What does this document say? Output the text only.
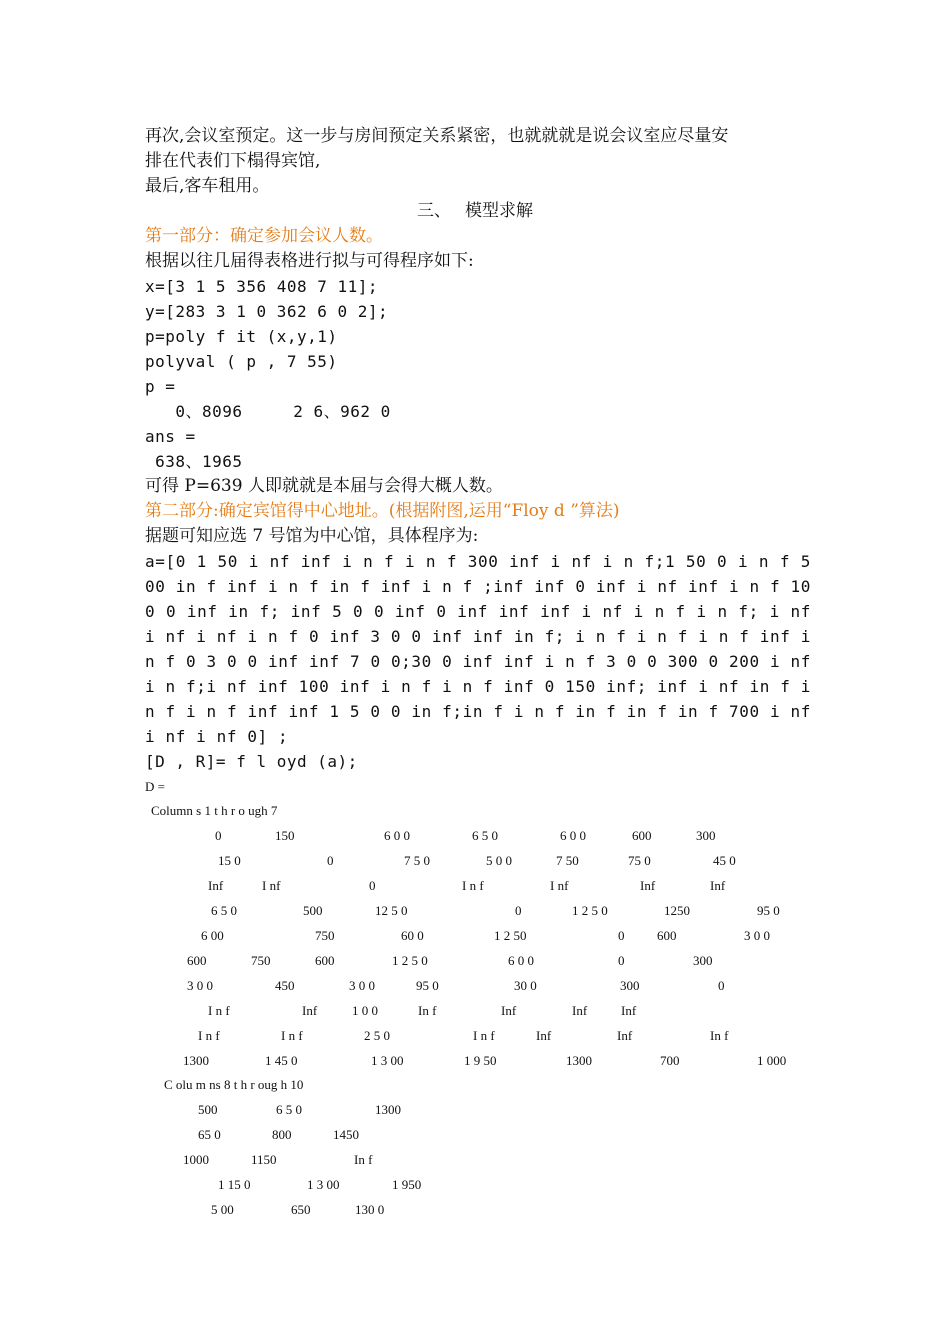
再次,会议室预定。这一步与房间预定关系紧密，也就就就是说会议室应尽量安
排在代表们下榻得宾馆,
最后,客车租用。
三、　 模型求解
第一部分：确定参加会议人数。
根据以往几届得表格进行拟与可得程序如下:
x=[3 1 5 356 408 7 11];
y=[283 3 1 0 362 6 0 2];
p=poly f it (x,y,1)
polyval ( p , 7 55)
p =
0、8096     2 6、962 0
ans =
638、1965
可得 P=639 人即就就是本届与会得大概人数。
第二部分:确定宾馆得中心地址。(根据附图,运用“Floy d ”算法)
据题可知应选 7 号馆为中心馆，具体程序为:
a=[0 1 50 i nf inf i n f i n f 300 inf i nf i n f;1 50 0 i n f 5 00 in f inf i n f in f inf i n f ;inf inf 0 inf i nf inf i n f 10 0 0 inf in f; inf 5 0 0 inf 0 inf inf inf i nf i n f i n f; i nf i nf i nf i n f 0 inf 3 0 0 inf inf in f; i n f i n f i n f inf i n f 0 3 0 0 inf inf 7 0 0;30 0 inf inf i n f 3 0 0 300 0 200 i nf i n f;i nf inf 100 inf i n f i n f inf 0 150 inf; inf i nf in f i n f i n f inf inf 1 5 0 0 in f;in f i n f in f in f in f 700 i nf i nf i nf 0] ;
[D , R]= f l oyd (a);
D =
Column s 1 t h r o ugh 7
0	150	6 0 0	6 5 0	6 0 0	600	300
15 0	0	7 5 0	5 0 0	7 50	75 0	45 0
Inf	I nf	0	I n f	I nf	Inf	Inf
6 5 0	500	12 5 0	0	1 2 5 0	1250	95 0
6 00	750	60 0	1 2 50	0	600	3 0 0
600	750	600	1 2 5 0	6 0 0	0	300
3 0 0	450	3 0 0	95 0	30 0	300	0
I n f	Inf	1 0 0	In f	Inf	Inf	Inf
I n f	I n f	2 5 0	I n f	Inf	Inf	In f
1300	1 45 0	1 3 00	1 9 50	1300	700	1 000
C olu m ns 8 t h r oug h 10
500	6 5 0	1300
65 0	800	1450
1000	1150	In f
1 15 0	1 3 00	1 950
5 00	650	130 0
